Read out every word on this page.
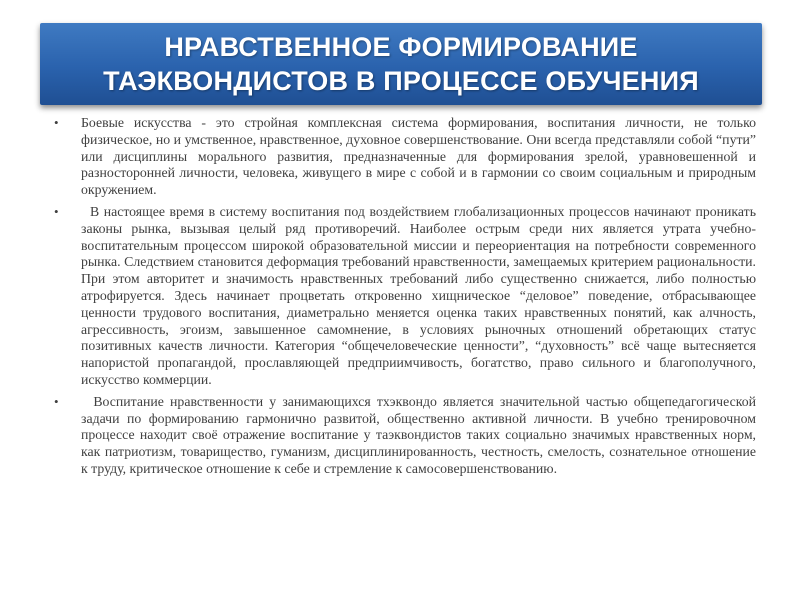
НРАВСТВЕННОЕ ФОРМИРОВАНИЕ
ТАЭКВОНДИСТОВ В ПРОЦЕССЕ ОБУЧЕНИЯ
• Боевые искусства - это стройная комплексная система формирования, воспитания личности, не только физическое, но и умственное, нравственное, духовное совершенствование. Они всегда представляли собой “пути” или дисциплины морального развития, предназначенные для формирования зрелой, уравновешенной и разносторонней личности, человека, живущего в мире с собой и в гармонии со своим социальным и природным окружением.
• В настоящее время в систему воспитания под воздействием глобализационных процессов начинают проникать законы рынка, вызывая целый ряд противоречий. Наиболее острым среди них является утрата учебно-воспитательным процессом широкой образовательной миссии и переориентация на потребности современного рынка. Следствием становится деформация требований нравственности, замещаемых критерием рациональности. При этом авторитет и значимость нравственных требований либо существенно снижается, либо полностью атрофируется. Здесь начинает процветать откровенно хищническое “деловое” поведение, отбрасывающее ценности трудового воспитания, диаметрально меняется оценка таких нравственных понятий, как алчность, агрессивность, эгоизм, завышенное самомнение, в условиях рыночных отношений обретающих статус позитивных качеств личности. Категория “общечеловеческие ценности”, “духовность” всё чаще вытесняется напористой пропагандой, прославляющей предприимчивость, богатство, право сильного и благополучного, искусство коммерции.
• Воспитание нравственности у занимающихся тхэквондо является значительной частью общепедагогической задачи по формированию гармонично развитой, общественно активной личности. В учебно тренировочном процессе находит своё отражение воспитание у таэквондистов таких социально значимых нравственных норм, как патриотизм, товарищество, гуманизм, дисциплинированность, честность, смелость, сознательное отношение к труду, критическое отношение к себе и стремление к самосовершенствованию.
